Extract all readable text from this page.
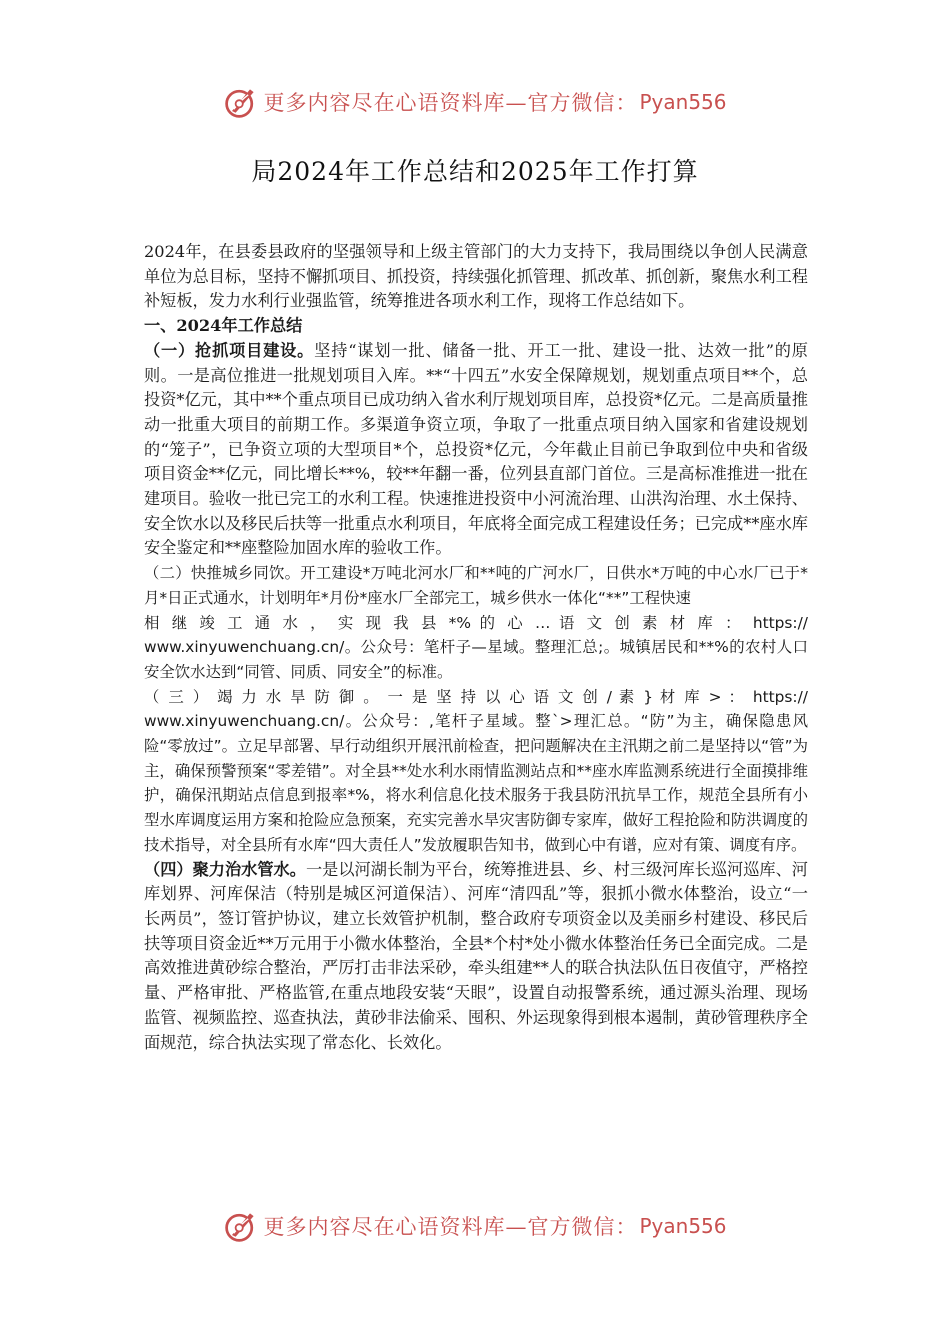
更多内容尽在心语资料库—官方微信： Pyan556
局2024年工作总结和2025年工作打算

2024年，在县委县政府的坚强领导和上级主管部门的大力支持下，我局围绕以争创人民满意单位为总目标，坚持不懈抓项目、抓投资，持续强化抓管理、抓改革、抓创新，聚焦水利工程补短板，发力水利行业强监管，统筹推进各项水利工作，现将工作总结如下。

一、2024年工作总结

（一）抢抓项目建设。坚持“谋划一批、储备一批、开工一批、建设一批、达效一批”的原则。一是高位推进一批规划项目入库。**“十四五”水安全保障规划，规划重点项目**个，总投资*亿元，其中**个重点项目已成功纳入省水利厅规划项目库，总投资*亿元。二是高质量推动一批重大项目的前期工作。多渠道争资立项，争取了一批重点项目纳入国家和省建设规划的“笼子”，已争资立项的大型项目*个，总投资*亿元，今年截止目前已争取到位中央和省级项目资金**亿元，同比增长**%，较**年翻一番，位列县直部门首位。三是高标准推进一批在建项目。验收一批已完工的水利工程。快速推进投资中小河流治理、山洪沟治理、水土保持、安全饮水以及移民后扶等一批重点水利项目，年底将全面完成工程建设任务；已完成**座水库安全鉴定和**座整险加固水库的验收工作。

（二）快推城乡同饮。开工建设*万吨北河水厂和**吨的广河水厂，日供水*万吨的中心水厂已于*月*日正式通水，计划明年*月份*座水厂全部完工，城乡供水一体化“**”工程快速

相 继 竣 工 通 水 ， 实 现 我 县 *% 的 心 … 语 文 创 素 材 库 ： https://

www.xinyuwenchuang.cn/。公众号：笔杆子—星域。整理汇总;。城镇居民和**%的农村人口安全饮水达到“同管、同质、同安全”的标准。

（ 三 ） 竭 力 水 旱 防 御 。 一 是 坚 持 以 心 语 文 创 / 素 } 材 库 > ： https://

www.xinyuwenchuang.cn/。公众号：,笔杆子星域。整`>理汇总。“防”为主，确保隐患风险“零放过”。立足早部署、早行动组织开展汛前检查，把问题解决在主汛期之前二是坚持以“管”为主，确保预警预案“零差错”。对全县**处水利水雨情监测站点和**座水库监测系统进行全面摸排维护，确保汛期站点信息到报率*%，将水利信息化技术服务于我县防汛抗旱工作，规范全县所有小型水库调度运用方案和抢险应急预案，充实完善水旱灾害防御专家库，做好工程抢险和防洪调度的技术指导，对全县所有水库“四大责任人”发放履职告知书，做到心中有谱，应对有策、调度有序。

（四）聚力治水管水。一是以河湖长制为平台，统筹推进县、乡、村三级河库长巡河巡库、河库划界、河库保洁（特别是城区河道保洁）、河库“清四乱”等，狠抓小微水体整治，设立“一长两员”，签订管护协议，建立长效管护机制，整合政府专项资金以及美丽乡村建设、移民后扶等项目资金近**万元用于小微水体整治，全县*个村*处小微水体整治任务已全面完成。二是高效推进黄砂综合整治，严厉打击非法采砂，牵头组建**人的联合执法队伍日夜值守，严格控量、严格审批、严格监管,在重点地段安装“天眼”，设置自动报警系统，通过源头治理、现场监管、视频监控、巡查执法，黄砂非法偷采、囤积、外运现象得到根本遏制，黄砂管理秩序全面规范，综合执法实现了常态化、长效化。

更多内容尽在心语资料库—官方微信： Pyan556
